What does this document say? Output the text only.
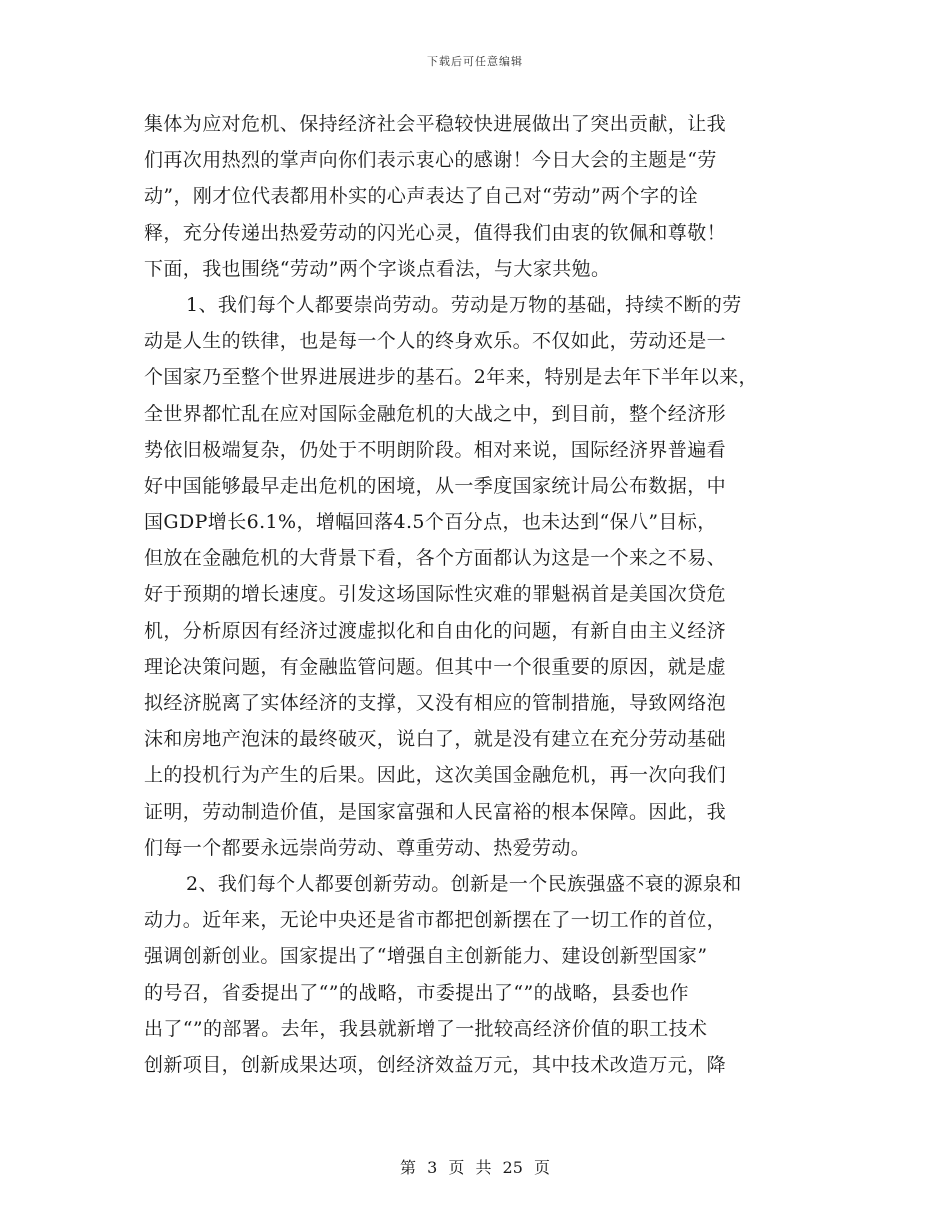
下载后可任意编辑
集体为应对危机、保持经济社会平稳较快进展做出了突出贡献，让我
们再次用热烈的掌声向你们表示衷心的感谢！今日大会的主题是“劳
动”，刚才位代表都用朴实的心声表达了自己对“劳动”两个字的诠
释，充分传递出热爱劳动的闪光心灵，值得我们由衷的钦佩和尊敬！
下面，我也围绕“劳动”两个字谈点看法，与大家共勉。
1、我们每个人都要崇尚劳动。劳动是万物的基础，持续不断的劳
动是人生的铁律，也是每一个人的终身欢乐。不仅如此，劳动还是一
个国家乃至整个世界进展进步的基石。2年来，特别是去年下半年以来，
全世界都忙乱在应对国际金融危机的大战之中，到目前，整个经济形
势依旧极端复杂，仍处于不明朗阶段。相对来说，国际经济界普遍看
好中国能够最早走出危机的困境，从一季度国家统计局公布数据，中
国GDP增长6.1%，增幅回落4.5个百分点，也未达到“保八”目标，
但放在金融危机的大背景下看，各个方面都认为这是一个来之不易、
好于预期的增长速度。引发这场国际性灾难的罪魁祸首是美国次贷危
机，分析原因有经济过渡虚拟化和自由化的问题，有新自由主义经济
理论决策问题，有金融监管问题。但其中一个很重要的原因，就是虚
拟经济脱离了实体经济的支撑，又没有相应的管制措施，导致网络泡
沫和房地产泡沫的最终破灭，说白了，就是没有建立在充分劳动基础
上的投机行为产生的后果。因此，这次美国金融危机，再一次向我们
证明，劳动制造价值，是国家富强和人民富裕的根本保障。因此，我
们每一个都要永远崇尚劳动、尊重劳动、热爱劳动。
2、我们每个人都要创新劳动。创新是一个民族强盛不衰的源泉和
动力。近年来，无论中央还是省市都把创新摆在了一切工作的首位，
强调创新创业。国家提出了“增强自主创新能力、建设创新型国家”
的号召，省委提出了“”的战略，市委提出了“”的战略，县委也作
出了“”的部署。去年，我县就新增了一批较高经济价值的职工技术
创新项目，创新成果达项，创经济效益万元，其中技术改造万元，降
第 3 页 共 25 页
